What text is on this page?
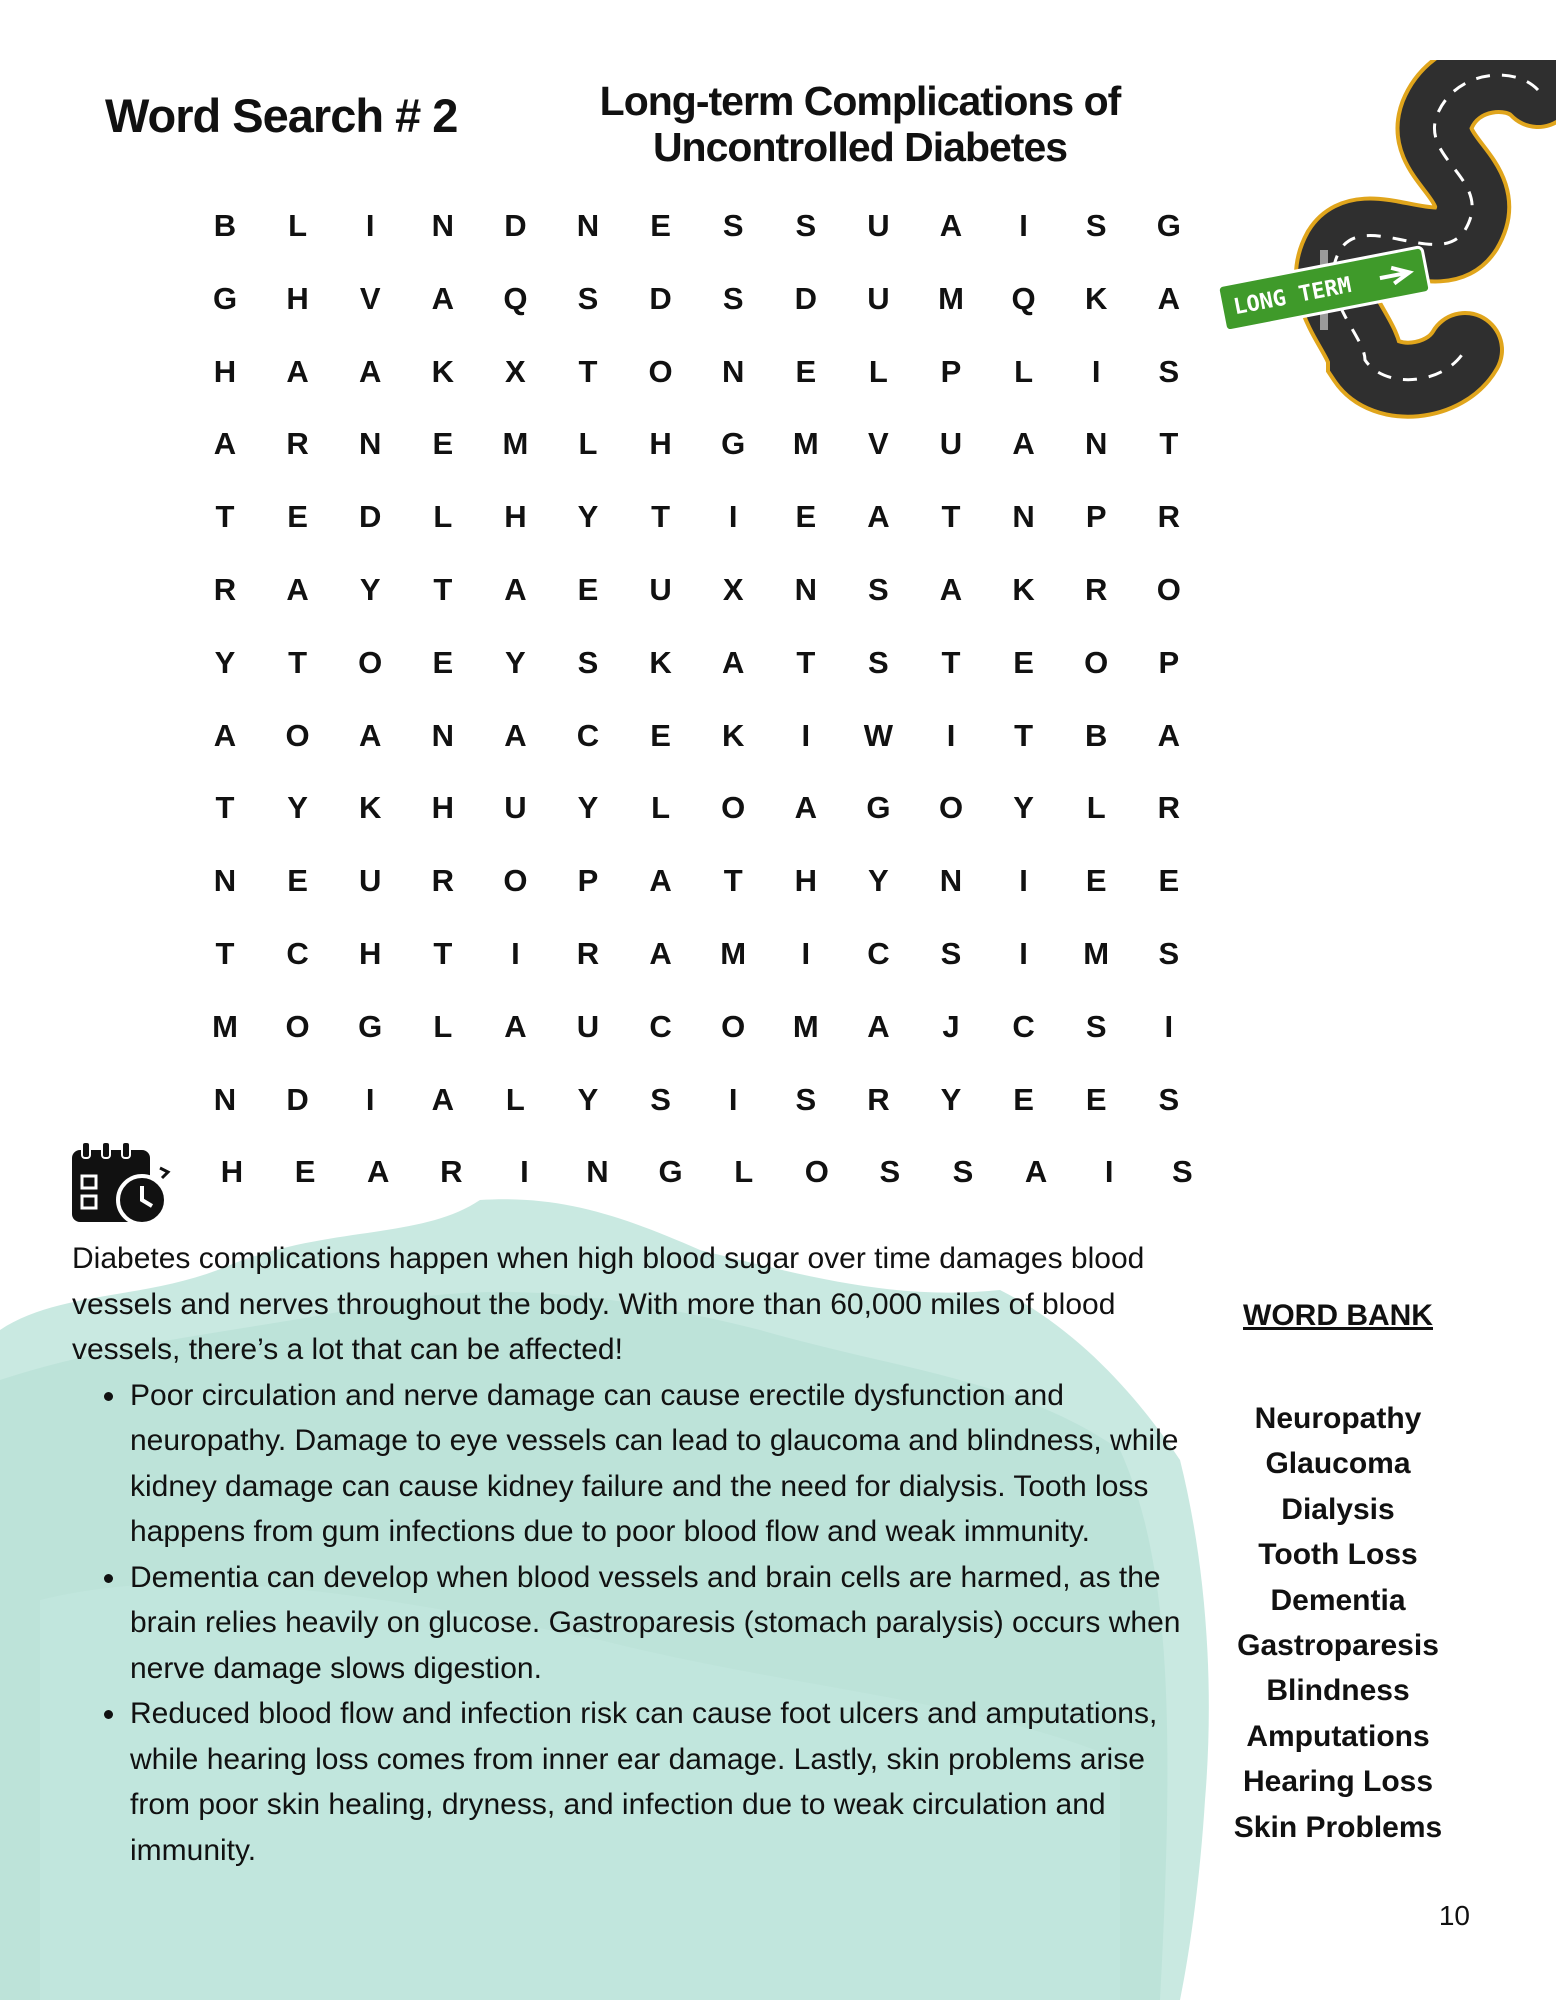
Word Search # 2	Long-term Complications of
Uncontrolled Diabetes
LONG TERM
B	L	I	N	D	N	E	S	S	U	A	I	S	G
G	H	V	A	Q	S	D	S	D	U	M	Q	K	A
H	A	A	K	X	T	O	N	E	L	P	L	I	S
A	R	N	E	M	L	H	G	M	V	U	A	N	T
T	E	D	L	H	Y	T	I	E	A	T	N	P	R
R	A	Y	T	A	E	U	X	N	S	A	K	R	O
Y	T	O	E	Y	S	K	A	T	S	T	E	O	P
A	O	A	N	A	C	E	K	I	W	I	T	B	A
T	Y	K	H	U	Y	L	O	A	G	O	Y	L	R
N	E	U	R	O	P	A	T	H	Y	N	I	E	E
T	C	H	T	I	R	A	M	I	C	S	I	M	S
M	O	G	L	A	U	C	O	M	A	J	C	S	I
N	D	I	A	L	Y	S	I	S	R	Y	E	E	S
H	E	A	R	I	N	G	L	O	S	S	A	I	S

Diabetes complications happen when high blood sugar over time damages blood vessels and nerves throughout the body. With more than 60,000 miles of blood vessels, there’s a lot that can be affected!

• Poor circulation and nerve damage can cause erectile dysfunction and neuropathy. Damage to eye vessels can lead to glaucoma and blindness, while kidney damage can cause kidney failure and the need for dialysis. Tooth loss happens from gum infections due to poor blood flow and weak immunity.
• Dementia can develop when blood vessels and brain cells are harmed, as the brain relies heavily on glucose. Gastroparesis (stomach paralysis) occurs when nerve damage slows digestion.
• Reduced blood flow and infection risk can cause foot ulcers and amputations, while hearing loss comes from inner ear damage. Lastly, skin problems arise from poor skin healing, dryness, and infection due to weak circulation and immunity.
WORD BANK
Neuropathy
Glaucoma
Dialysis
Tooth Loss
Dementia
Gastroparesis
Blindness
Amputations
Hearing Loss
Skin Problems
10
